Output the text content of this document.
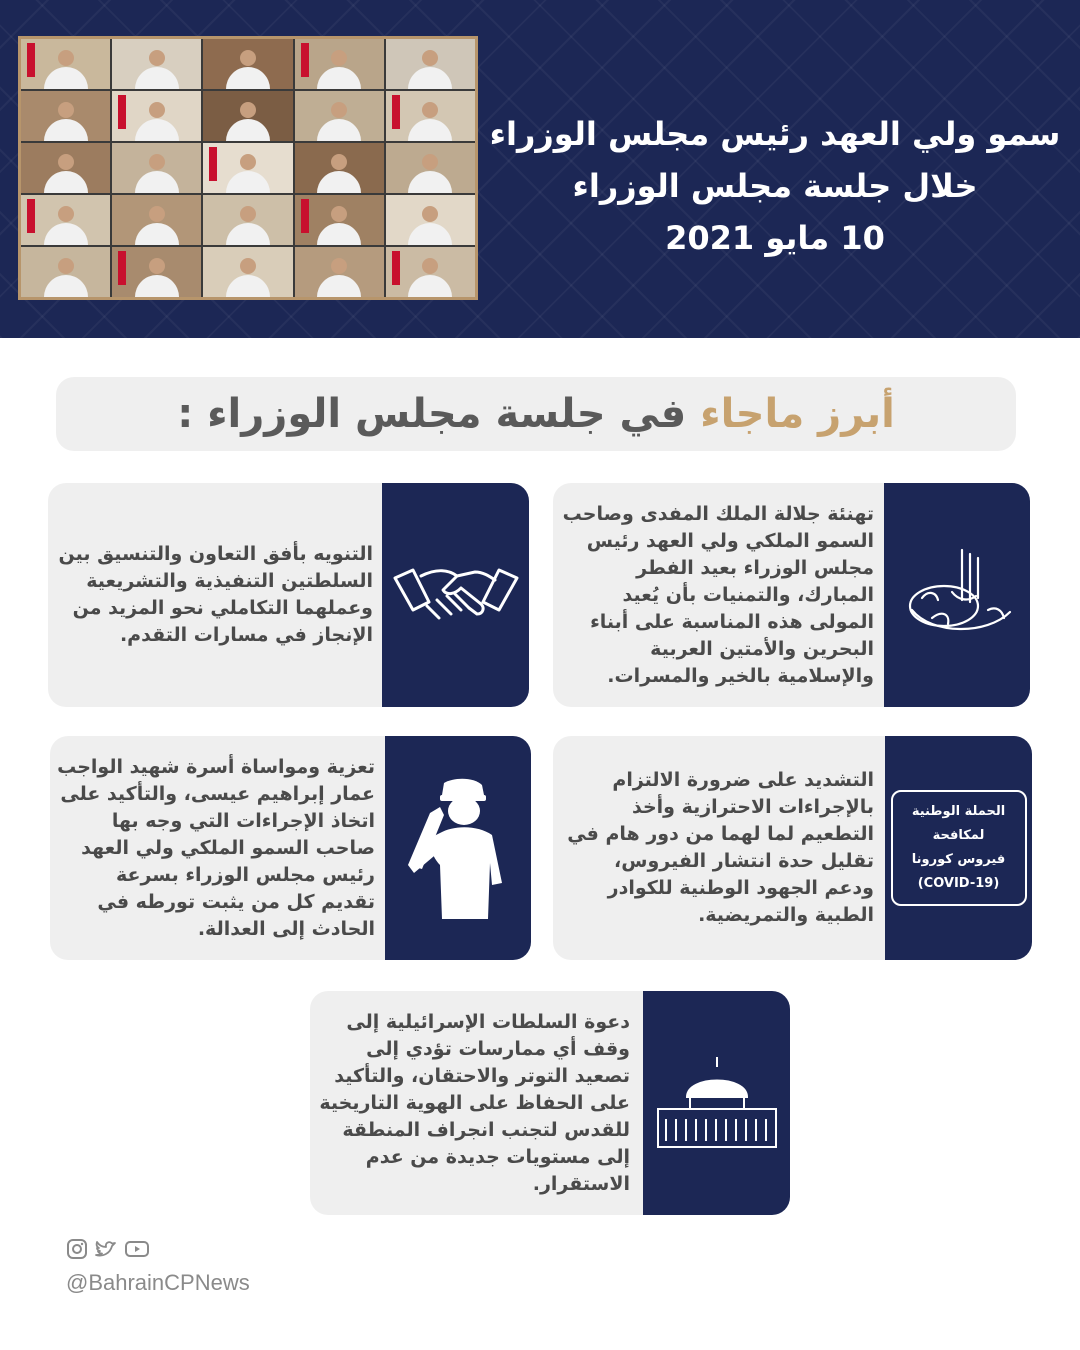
سمو ولي العهد رئيس مجلس الوزراء
خلال جلسة مجلس الوزراء
10 مايو 2021
أبرز ماجاء
في جلسة مجلس الوزراء :
تهنئة جلالة الملك المفدى وصاحب السمو الملكي ولي العهد رئيس مجلس الوزراء بعيد الفطر المبارك، والتمنيات بأن يُعيد المولى هذه المناسبة على أبناء البحرين والأمتين العربية والإسلامية بالخير والمسرات.
التنويه بأفق التعاون والتنسيق بين السلطتين التنفيذية والتشريعية وعملهما التكاملي نحو المزيد من الإنجاز في مسارات التقدم.
الحملة الوطنية
لمكافحة
فيروس كورونا
(COVID-19)
التشديد على ضرورة الالتزام بالإجراءات الاحترازية وأخذ التطعيم لما لهما من دور هام في تقليل حدة انتشار الفيروس، ودعم الجهود الوطنية للكوادر الطبية والتمريضية.
تعزية ومواساة أسرة شهيد الواجب عمار إبراهيم عيسى، والتأكيد على اتخاذ الإجراءات التي وجه بها صاحب السمو الملكي ولي العهد رئيس مجلس الوزراء بسرعة تقديم كل من يثبت تورطه في الحادث إلى العدالة.
دعوة السلطات الإسرائيلية إلى وقف أي ممارسات تؤدي إلى تصعيد التوتر والاحتقان، والتأكيد على الحفاظ على الهوية التاريخية للقدس لتجنب انجراف المنطقة إلى مستويات جديدة من عدم الاستقرار.
@BahrainCPNews
